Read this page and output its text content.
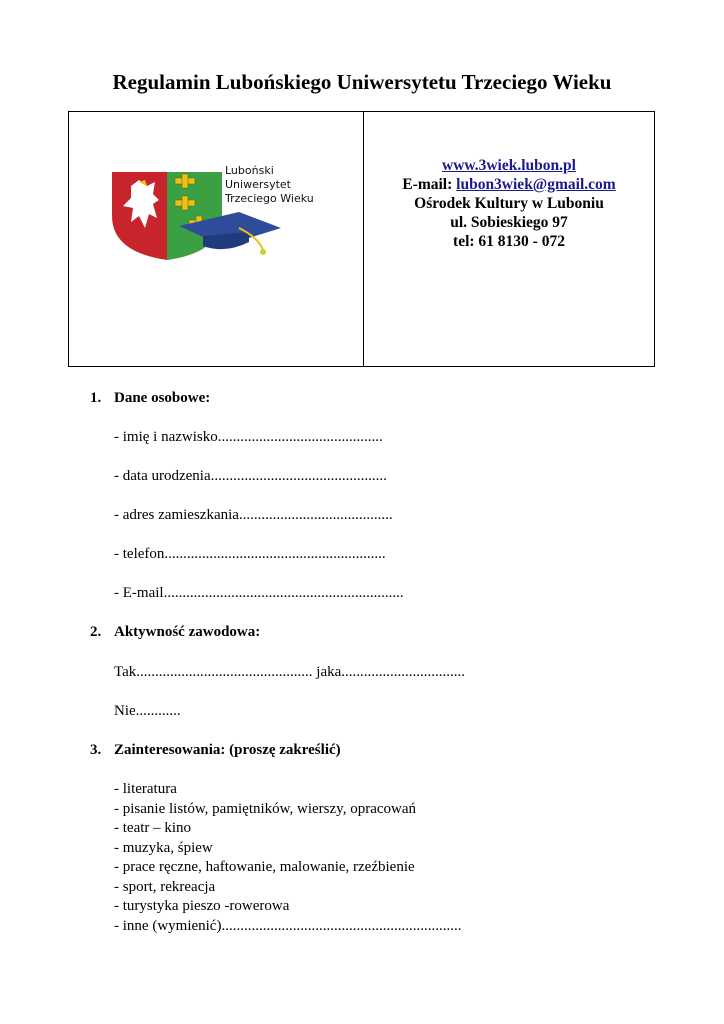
Regulamin Lubońskiego Uniwersytetu Trzeciego Wieku
Luboński
Uniwersytet
Trzeciego Wieku
www.3wiek.lubon.pl
E-mail: lubon3wiek@gmail.com
Ośrodek Kultury w Luboniu
ul. Sobieskiego 97
tel: 61 8130 - 072
1. Dane osobowe:
- imię i nazwisko............................................
- data urodzenia...............................................
- adres zamieszkania.........................................
- telefon...........................................................
- E-mail................................................................
2. Aktywność zawodowa:
Tak............................................... jaka.................................
Nie............
3. Zainteresowania: (proszę zakreślić)
- literatura
- pisanie listów, pamiętników, wierszy, opracowań
- teatr – kino
- muzyka, śpiew
- prace ręczne, haftowanie, malowanie, rzeźbienie
- sport, rekreacja
- turystyka pieszo -rowerowa
- inne (wymienić)................................................................
